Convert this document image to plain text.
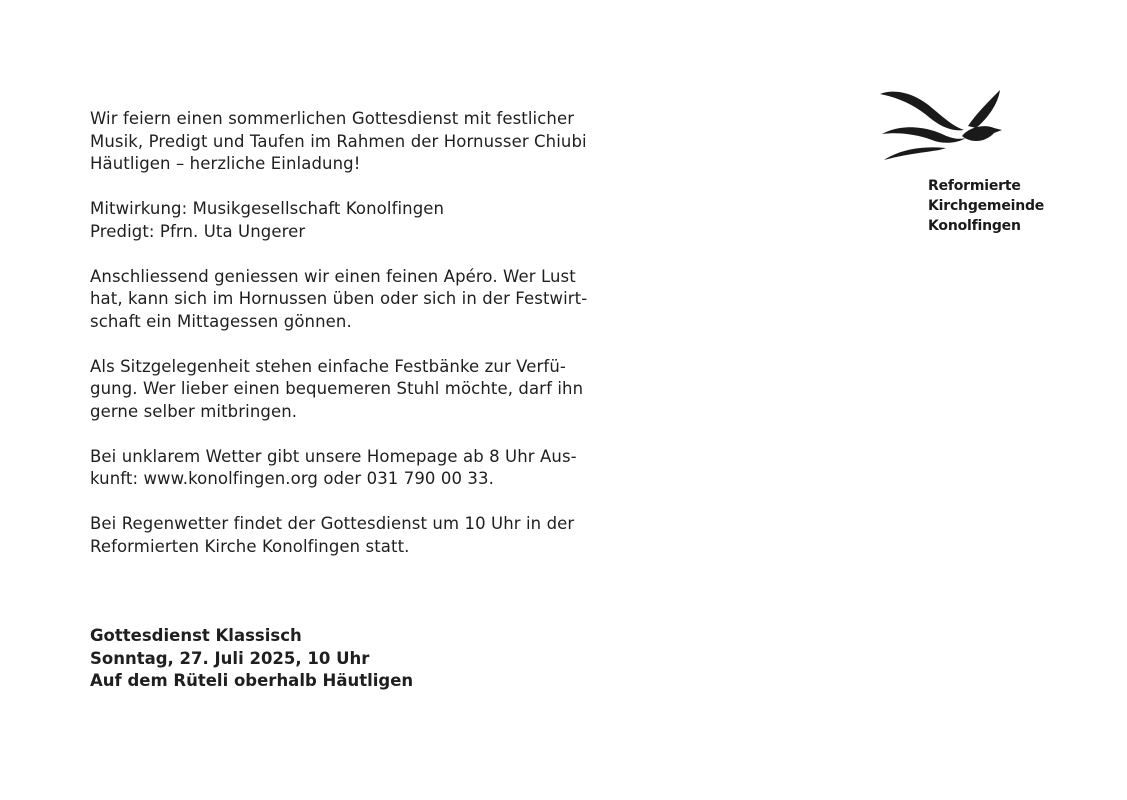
Wir feiern einen sommerlichen Gottesdienst mit festlicher
Musik, Predigt und Taufen im Rahmen der Hornusser Chiubi
Häutligen – herzliche Einladung!

Mitwirkung: Musikgesellschaft Konolfingen
Predigt: Pfrn. Uta Ungerer

Anschliessend geniessen wir einen feinen Apéro. Wer Lust
hat, kann sich im Hornussen üben oder sich in der Festwirt-
schaft ein Mittagessen gönnen.

Als Sitzgelegenheit stehen einfache Festbänke zur Verfü-
gung. Wer lieber einen bequemeren Stuhl möchte, darf ihn
gerne selber mitbringen.

Bei unklarem Wetter gibt unsere Homepage ab 8 Uhr Aus-
kunft: www.konolfingen.org oder 031 790 00 33.

Bei Regenwetter findet der Gottesdienst um 10 Uhr in der
Reformierten Kirche Konolfingen statt.

Gottesdienst Klassisch
Sonntag, 27. Juli 2025, 10 Uhr
Auf dem Rüteli oberhalb Häutligen
Reformierte
Kirchgemeinde
Konolfingen
